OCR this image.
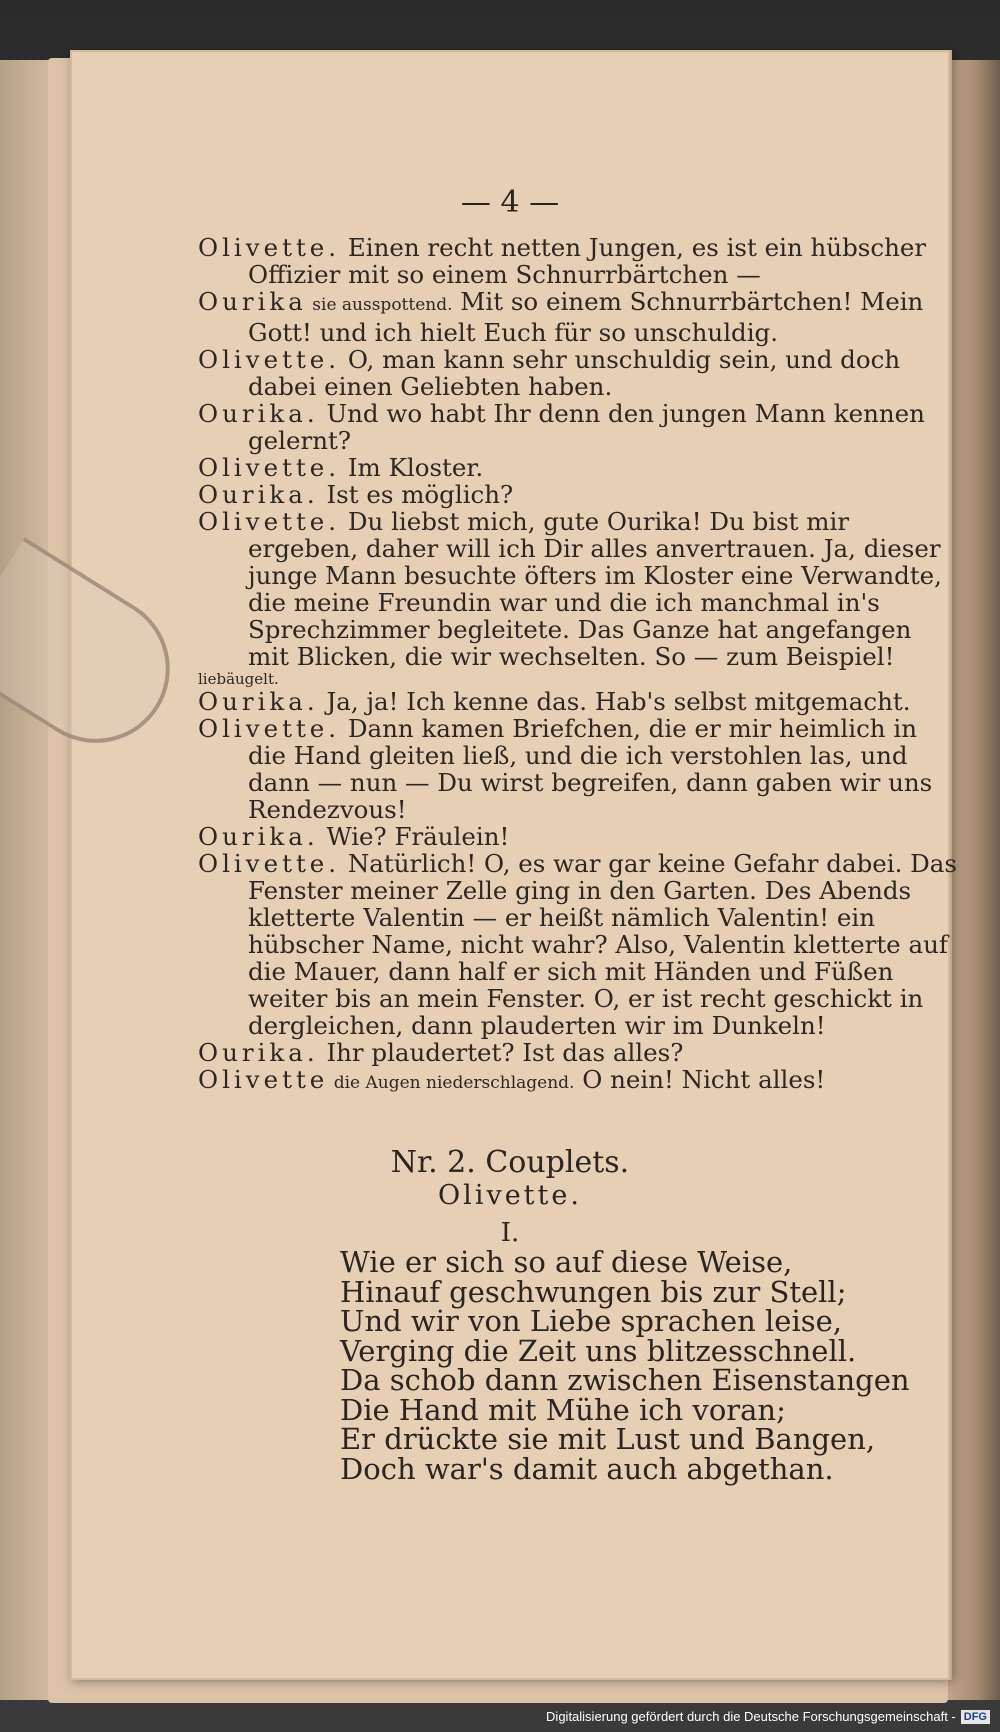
— 4 —

Olivette. Einen recht netten Jungen, es ist ein hübscher Offizier mit so einem Schnurrbärtchen —

Ourika sie ausspottend. Mit so einem Schnurrbärtchen! Mein Gott! und ich hielt Euch für so unschuldig.

Olivette. O, man kann sehr unschuldig sein, und doch dabei einen Geliebten haben.

Ourika. Und wo habt Ihr denn den jungen Mann kennen gelernt?

Olivette. Im Kloster.

Ourika. Ist es möglich?

Olivette. Du liebst mich, gute Ourika! Du bist mir ergeben, daher will ich Dir alles anvertrauen. Ja, dieser junge Mann besuchte öfters im Kloster eine Verwandte, die meine Freundin war und die ich manchmal in's Sprechzimmer begleitete. Das Ganze hat angefangen mit Blicken, die wir wechselten. So — zum Beispiel!

liebäugelt.

Ourika. Ja, ja! Ich kenne das. Hab's selbst mitgemacht.

Olivette. Dann kamen Briefchen, die er mir heimlich in die Hand gleiten ließ, und die ich verstohlen las, und dann — nun — Du wirst begreifen, dann gaben wir uns Rendezvous!

Ourika. Wie? Fräulein!

Olivette. Natürlich! O, es war gar keine Gefahr dabei. Das Fenster meiner Zelle ging in den Garten. Des Abends kletterte Valentin — er heißt nämlich Valentin! ein hübscher Name, nicht wahr? Also, Valentin kletterte auf die Mauer, dann half er sich mit Händen und Füßen weiter bis an mein Fenster. O, er ist recht geschickt in dergleichen, dann plauderten wir im Dunkeln!

Ourika. Ihr plaudertet? Ist das alles?

Olivette die Augen niederschlagend. O nein! Nicht alles!

Nr. 2. Couplets.
Olivette.
I.
Wie er sich so auf diese Weise,
Hinauf geschwungen bis zur Stell;
Und wir von Liebe sprachen leise,
Verging die Zeit uns blitzesschnell.
Da schob dann zwischen Eisenstangen
Die Hand mit Mühe ich voran;
Er drückte sie mit Lust und Bangen,
Doch war's damit auch abgethan.
Digitalisierung gefördert durch die Deutsche Forschungsgemeinschaft - DFG
